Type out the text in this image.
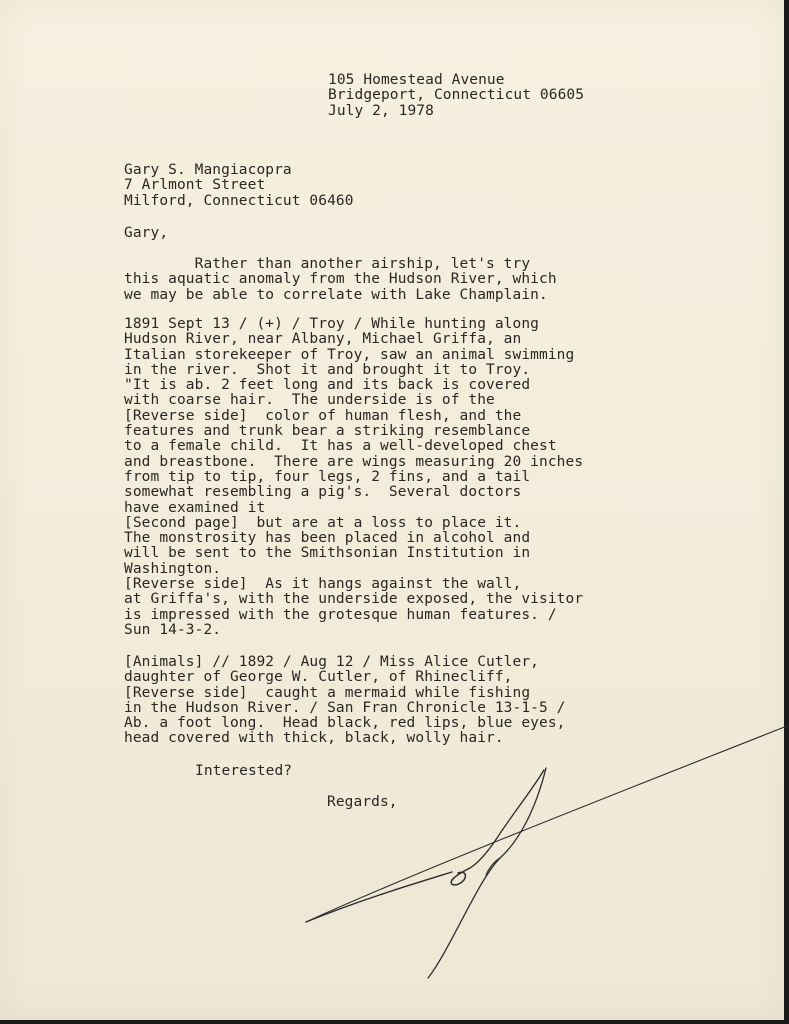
105 Homestead Avenue
Bridgeport, Connecticut 06605
July 2, 1978
Gary S. Mangiacopra
7 Arlmont Street
Milford, Connecticut 06460
Gary,
Rather than another airship, let's try
this aquatic anomaly from the Hudson River, which
we may be able to correlate with Lake Champlain.
1891 Sept 13 / (+) / Troy / While hunting along
Hudson River, near Albany, Michael Griffa, an
Italian storekeeper of Troy, saw an animal swimming
in the river.  Shot it and brought it to Troy.
"It is ab. 2 feet long and its back is covered
with coarse hair.  The underside is of the
[Reverse side]  color of human flesh, and the
features and trunk bear a striking resemblance
to a female child.  It has a well-developed chest
and breastbone.  There are wings measuring 20 inches
from tip to tip, four legs, 2 fins, and a tail
somewhat resembling a pig's.  Several doctors
have examined it
[Second page]  but are at a loss to place it.
The monstrosity has been placed in alcohol and
will be sent to the Smithsonian Institution in
Washington.
[Reverse side]  As it hangs against the wall,
at Griffa's, with the underside exposed, the visitor
is impressed with the grotesque human features. /
Sun 14-3-2.
[Animals] // 1892 / Aug 12 / Miss Alice Cutler,
daughter of George W. Cutler, of Rhinecliff,
[Reverse side]  caught a mermaid while fishing
in the Hudson River. / San Fran Chronicle 13-1-5 /
Ab. a foot long.  Head black, red lips, blue eyes,
head covered with thick, black, wolly hair.
Interested?
Regards,
